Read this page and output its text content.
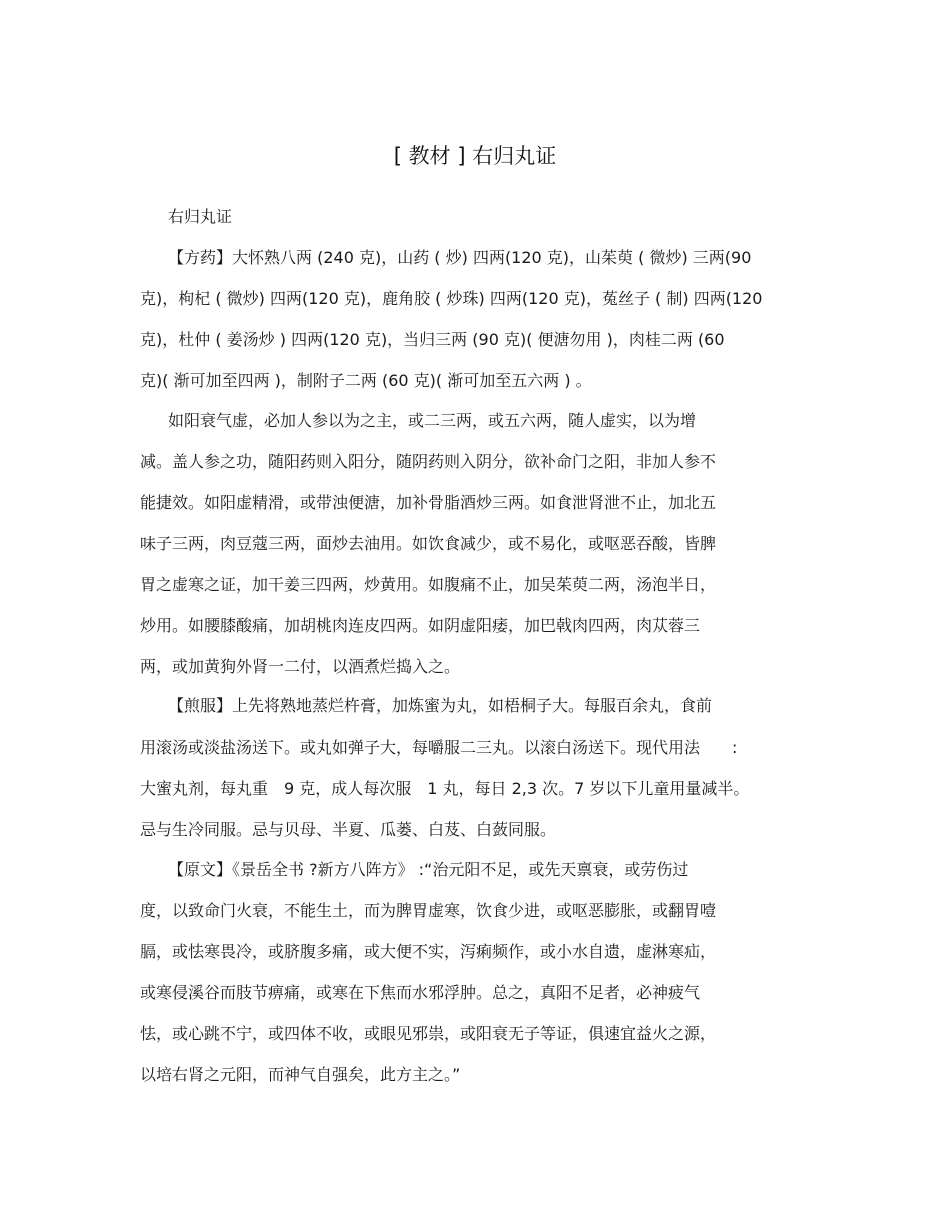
[ 教材 ] 右归丸证
右归丸证
【方药】大怀熟八两 (240 克)，山药 ( 炒) 四两(120 克)，山茱萸 ( 微炒) 三两(90
克)，枸杞 ( 微炒) 四两(120 克)，鹿角胶 ( 炒珠) 四两(120 克)，菟丝子 ( 制) 四两(120
克)，杜仲 ( 姜汤炒 ) 四两(120 克)，当归三两 (90 克)( 便溏勿用 )，肉桂二两 (60
克)( 渐可加至四两 )，制附子二两 (60 克)( 渐可加至五六两 ) 。
如阳衰气虚，必加人参以为之主，或二三两，或五六两，随人虚实，以为增
减。盖人参之功，随阳药则入阳分，随阴药则入阴分，欲补命门之阳，非加人参不
能捷效。如阳虚精滑，或带浊便溏，加补骨脂酒炒三两。如食泄肾泄不止，加北五
味子三两，肉豆蔻三两，面炒去油用。如饮食减少，或不易化，或呕恶吞酸，皆脾
胃之虚寒之证，加干姜三四两，炒黄用。如腹痛不止，加吴茱萸二两，汤泡半日，
炒用。如腰膝酸痛，加胡桃肉连皮四两。如阴虚阳痿，加巴戟肉四两，肉苁蓉三
两，或加黄狗外肾一二付，以酒煮烂捣入之。
【煎服】上先将熟地蒸烂杵膏，加炼蜜为丸，如梧桐子大。每服百余丸，食前
用滚汤或淡盐汤送下。或丸如弹子大，每嚼服二三丸。以滚白汤送下。现代用法　　:
大蜜丸剂，每丸重　9 克，成人每次服　1 丸，每日 2,3 次。7 岁以下儿童用量减半。
忌与生冷同服。忌与贝母、半夏、瓜蒌、白芨、白蔹同服。
【原文】《景岳全书 ?新方八阵方》 :“治元阳不足，或先天禀衰，或劳伤过
度，以致命门火衰，不能生土，而为脾胃虚寒，饮食少进，或呕恶膨胀，或翻胃噎
膈，或怯寒畏冷，或脐腹多痛，或大便不实，泻痢频作，或小水自遗，虚淋寒疝，
或寒侵溪谷而肢节痹痛，或寒在下焦而水邪浮肿。总之，真阳不足者，必神疲气
怯，或心跳不宁，或四体不收，或眼见邪祟，或阳衰无子等证，俱速宜益火之源，
以培右肾之元阳，而神气自强矣，此方主之。”
